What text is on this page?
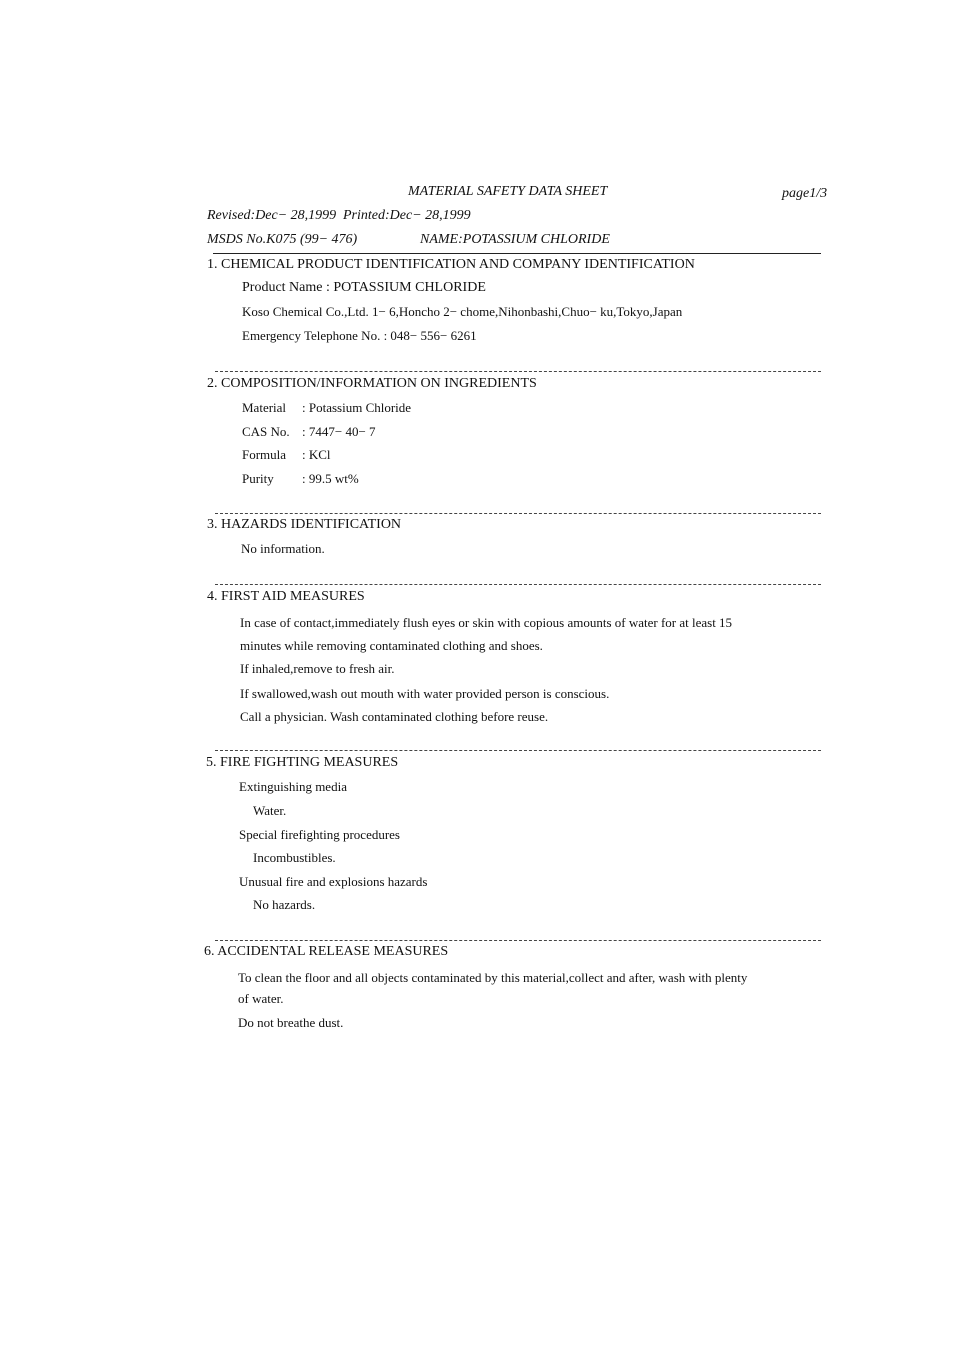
MATERIAL SAFETY DATA SHEET	page1/3
Revised:Dec− 28,1999 Printed:Dec− 28,1999
MSDS No.K075 (99− 476)	NAME:POTASSIUM CHLORIDE
1. CHEMICAL PRODUCT IDENTIFICATION AND COMPANY IDENTIFICATION
Product Name : POTASSIUM CHLORIDE
Koso Chemical Co.,Ltd. 1− 6,Honcho 2− chome,Nihonbashi,Chuo− ku,Tokyo,Japan
Emergency Telephone No. : 048− 556− 6261
2. COMPOSITION/INFORMATION ON INGREDIENTS
Material : Potassium Chloride
CAS No. : 7447− 40− 7
Formula : KCl
Purity : 99.5 wt%
3. HAZARDS IDENTIFICATION
No information.
4. FIRST AID MEASURES
In case of contact,immediately flush eyes or skin with copious amounts of water for at least 15
minutes while removing contaminated clothing and shoes.
If inhaled,remove to fresh air.
If swallowed,wash out mouth with water provided person is conscious.
Call a physician. Wash contaminated clothing before reuse.
5. FIRE FIGHTING MEASURES
Extinguishing media
Water.
Special firefighting procedures
Incombustibles.
Unusual fire and explosions hazards
No hazards.
6. ACCIDENTAL RELEASE MEASURES
To clean the floor and all objects contaminated by this material,collect and after, wash with plenty
of water.
Do not breathe dust.
